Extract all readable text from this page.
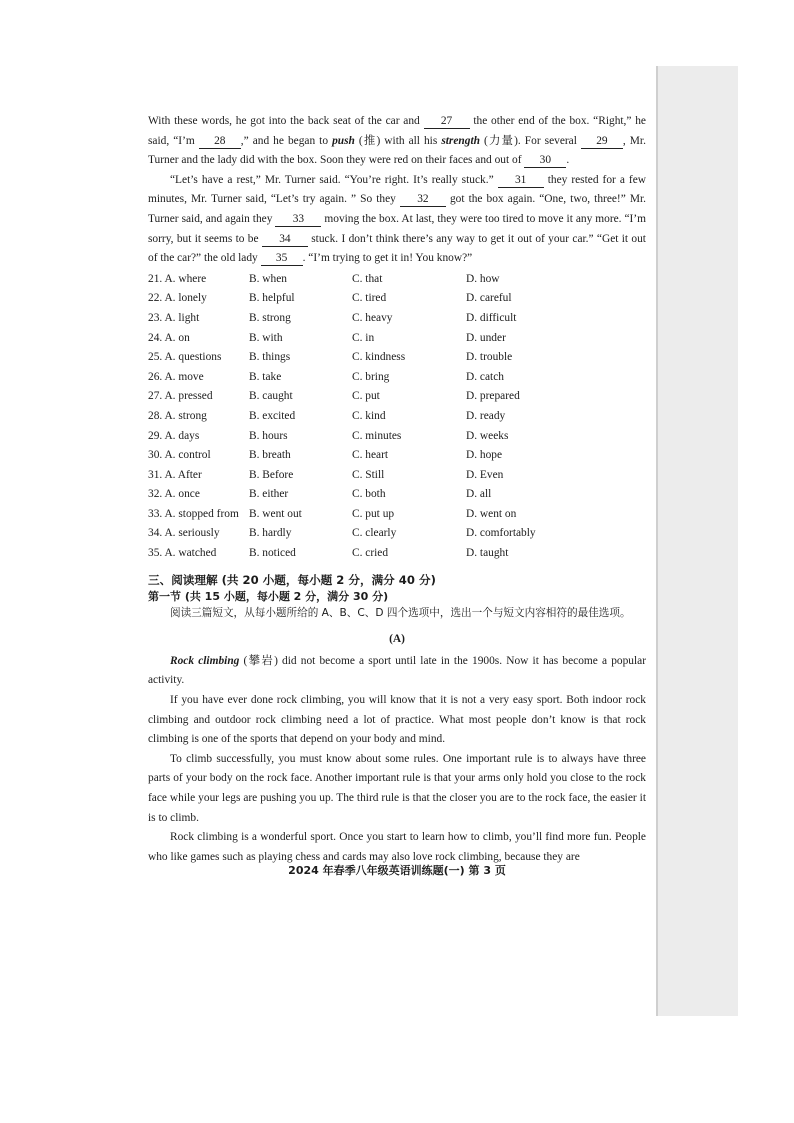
With these words, he got into the back seat of the car and 27 the other end of the box. “Right,” he said, “I’m 28 ,” and he began to push (推) with all his strength (力量). For several 29 , Mr. Turner and the lady did with the box. Soon they were red on their faces and out of 30 .

“Let’s have a rest,” Mr. Turner said. “You’re right. It’s really stuck.” 31 they rested for a few minutes, Mr. Turner said, “Let’s try again. ” So they 32 got the box again. “One, two, three!” Mr. Turner said, and again they 33 moving the box. At last, they were too tired to move it any more. “I’m sorry, but it seems to be 34 stuck. I don’t think there’s any way to get it out of your car.” “Get it out of the car?” the old lady 35 . “I’m trying to get it in! You know?”

21. A. where	B. when	C. that	D. how
22. A. lonely	B. helpful	C. tired	D. careful
23. A. light	B. strong	C. heavy	D. difficult
24. A. on	B. with	C. in	D. under
25. A. questions	B. things	C. kindness	D. trouble
26. A. move	B. take	C. bring	D. catch
27. A. pressed	B. caught	C. put	D. prepared
28. A. strong	B. excited	C. kind	D. ready
29. A. days	B. hours	C. minutes	D. weeks
30. A. control	B. breath	C. heart	D. hope
31. A. After	B. Before	C. Still	D. Even
32. A. once	B. either	C. both	D. all
33. A. stopped from	B. went out	C. put up	D. went on
34. A. seriously	B. hardly	C. clearly	D. comfortably
35. A. watched	B. noticed	C. cried	D. taught
三、阅读理解 (共 20 小题，每小题 2 分，满分 40 分)
第一节 (共 15 小题，每小题 2 分，满分 30 分)

阅读三篇短文，从每小题所给的 A、B、C、D 四个选项中，选出一个与短文内容相符的最佳选项。

(A)

Rock climbing (攀岩) did not become a sport until late in the 1900s. Now it has become a popular activity.

If you have ever done rock climbing, you will know that it is not a very easy sport. Both indoor rock climbing and outdoor rock climbing need a lot of practice. What most people don’t know is that rock climbing is one of the sports that depend on your body and mind.

To climb successfully, you must know about some rules. One important rule is to always have three parts of your body on the rock face. Another important rule is that your arms only hold you close to the rock face while your legs are pushing you up. The third rule is that the closer you are to the rock face, the easier it is to climb.

Rock climbing is a wonderful sport. Once you start to learn how to climb, you’ll find more fun. People who like games such as playing chess and cards may also love rock climbing, because they are

2024 年春季八年级英语训练题(一) 第 3 页
